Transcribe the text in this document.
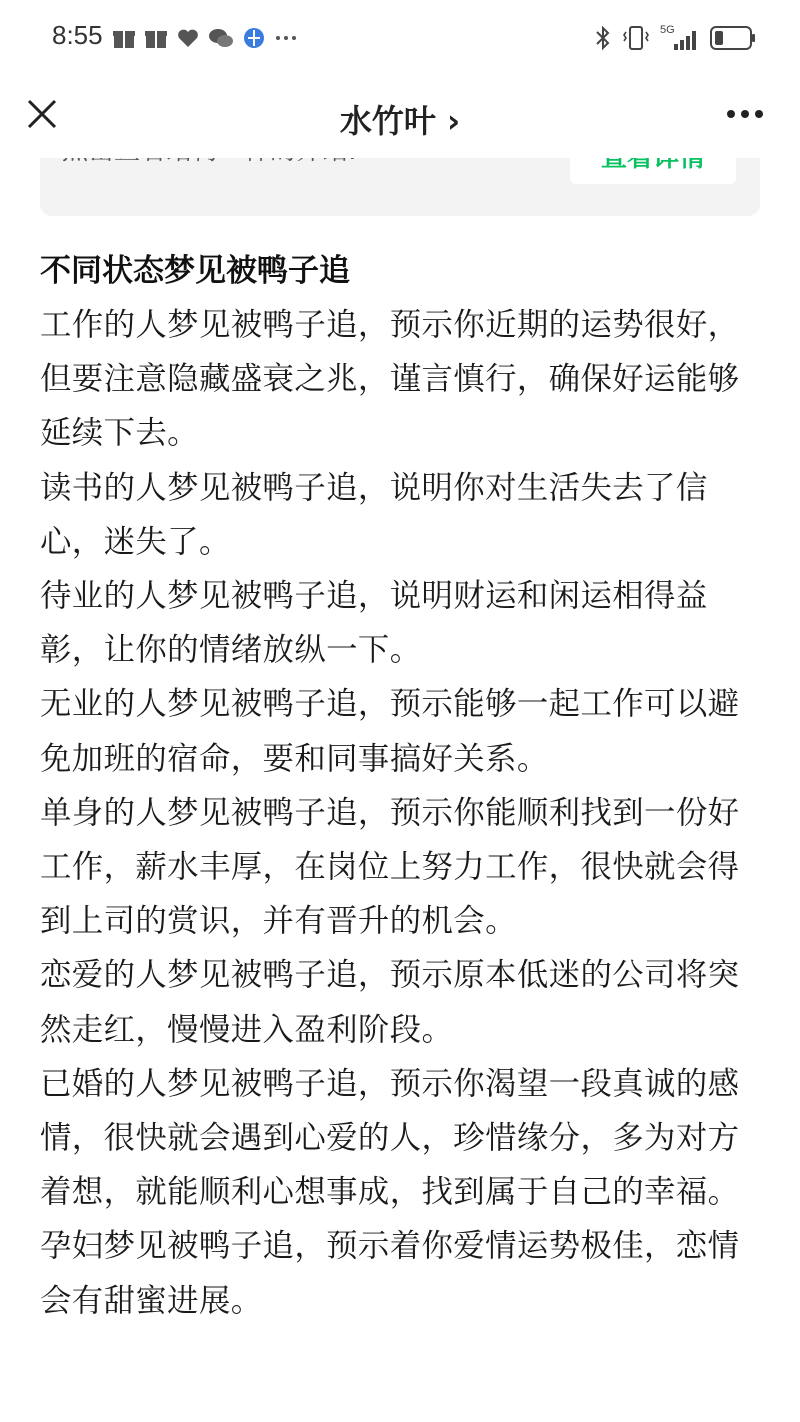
8:55	5G
水竹叶 ›

不同状态梦见被鸭子追

工作的人梦见被鸭子追，预示你近期的运势很好，但要注意隐藏盛衰之兆，谨言慎行，确保好运能够延续下去。

读书的人梦见被鸭子追，说明你对生活失去了信心，迷失了。

待业的人梦见被鸭子追，说明财运和闲运相得益彰，让你的情绪放纵一下。

无业的人梦见被鸭子追，预示能够一起工作可以避免加班的宿命，要和同事搞好关系。

单身的人梦见被鸭子追，预示你能顺利找到一份好工作，薪水丰厚，在岗位上努力工作，很快就会得到上司的赏识，并有晋升的机会。

恋爱的人梦见被鸭子追，预示原本低迷的公司将突然走红，慢慢进入盈利阶段。

已婚的人梦见被鸭子追，预示你渴望一段真诚的感情，很快就会遇到心爱的人，珍惜缘分，多为对方着想，就能顺利心想事成，找到属于自己的幸福。

孕妇梦见被鸭子追，预示着你爱情运势极佳，恋情会有甜蜜进展。
